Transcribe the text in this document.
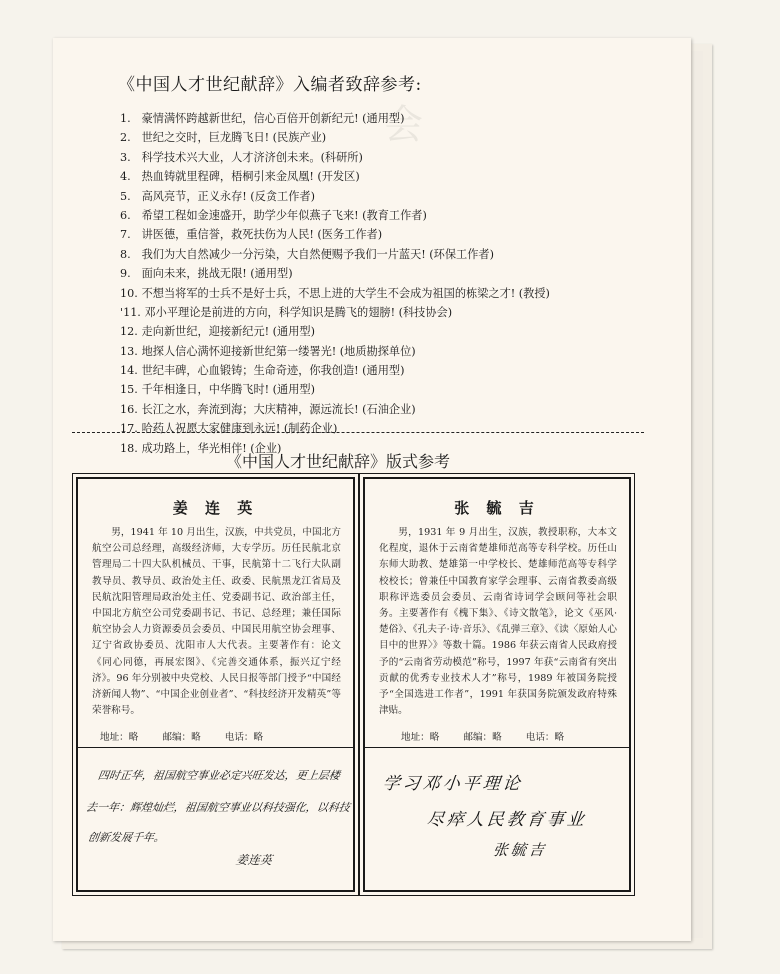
会
《中国人才世纪献辞》入编者致辞参考:
1. 豪情满怀跨越新世纪，信心百倍开创新纪元! (通用型)
2. 世纪之交时，巨龙腾飞日! (民族产业)
3. 科学技术兴大业，人才济济创未来。(科研所)
4. 热血铸就里程碑，梧桐引来金凤凰! (开发区)
5. 高风亮节，正义永存! (反贪工作者)
6. 希望工程如金速盛开，助学少年似燕子飞来! (教育工作者)
7. 讲医德，重信誉，救死扶伤为人民! (医务工作者)
8. 我们为大自然减少一分污染，大自然便赐予我们一片蓝天! (环保工作者)
9. 面向未来，挑战无限! (通用型)
10. 不想当将军的士兵不是好士兵，不思上进的大学生不会成为祖国的栋梁之才! (教授)
'11. 邓小平理论是前进的方向，科学知识是腾飞的翅膀! (科技协会)
12. 走向新世纪，迎接新纪元! (通用型)
13. 地探人信心满怀迎接新世纪第一缕署光! (地质勘探单位)
14. 世纪丰碑，心血锻铸；生命奇迹，你我创造! (通用型)
15. 千年相逢日，中华腾飞时! (通用型)
16. 长江之水，奔流到海；大庆精神，源远流长! (石油企业)
17. 哈药人祝愿大家健康到永远! (制药企业)
18. 成功路上，华光相伴! (企业)
《中国人才世纪献辞》版式参考
姜 连 英

男，1941 年 10 月出生，汉族，中共党员，中国北方航空公司总经理，高级经济师，大专学历。历任民航北京管理局二十四大队机械员、干事，民航第十二飞行大队副教导员、教导员、政治处主任、政委、民航黑龙江省局及民航沈阳管理局政治处主任、党委副书记、政治部主任，中国北方航空公司党委副书记、书记、总经理；兼任国际航空协会人力资源委员会委员、中国民用航空协会理事、辽宁省政协委员、沈阳市人大代表。主要著作有：论文《同心同德，再展宏图》、《完善交通体系，振兴辽宁经济》。96 年分别被中央党校、人民日报等部门授予“中国经济新闻人物”、“中国企业创业者”、“科技经济开发精英”等荣誉称号。

地址：略	邮编：略	电话：略
四时正华，祖国航空事业必定兴旺发达，更上层楼
去一年：辉煌灿烂，祖国航空事业以科技强化，以科技
创新发展千年。
姜连英
张 毓 吉

男，1931 年 9 月出生，汉族，教授职称，大本文化程度，退休于云南省楚雄师范高等专科学校。历任山东师大助教、楚雄第一中学校长、楚雄师范高等专科学校校长；曾兼任中国教育家学会理事、云南省教委高级职称评选委员会委员、云南省诗词学会顾问等社会职务。主要著作有《槐下集》、《诗文散笔》，论文《巫风·楚俗》、《孔夫子·诗·音乐》、《乱弹三章》、《读〈原始人心目中的世界〉》等数十篇。1986 年获云南省人民政府授予的“云南省劳动模范”称号，1997 年获“云南省有突出贡献的优秀专业技术人才”称号，1989 年被国务院授予“全国选进工作者”，1991 年获国务院颁发政府特殊津贴。

地址：略	邮编：略	电话：略
学习邓小平理论
尽瘁人民教育事业
张毓吉
